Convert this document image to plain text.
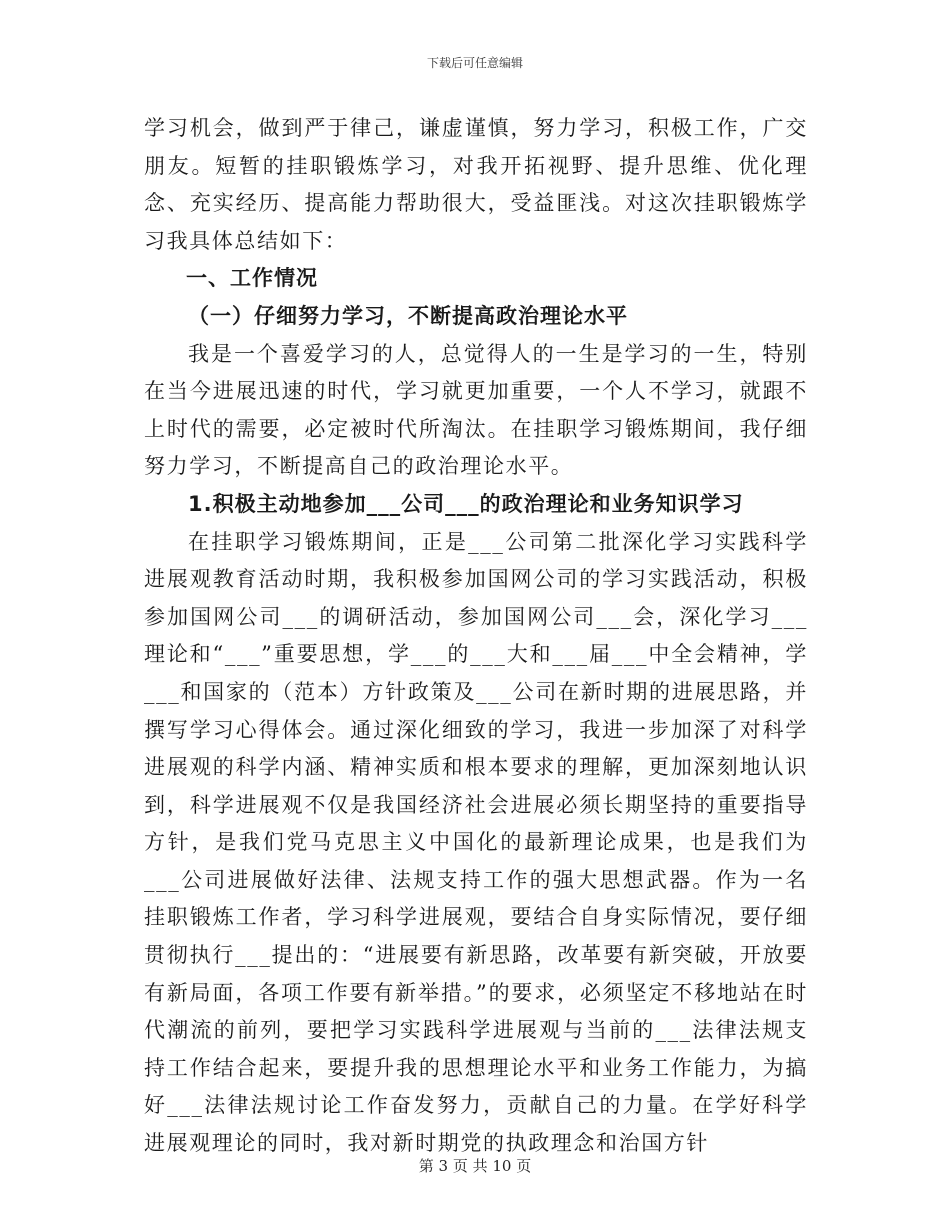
下载后可任意编辑

学习机会，做到严于律己，谦虚谨慎，努力学习，积极工作，广交朋友。短暂的挂职锻炼学习，对我开拓视野、提升思维、优化理念、充实经历、提高能力帮助很大，受益匪浅。对这次挂职锻炼学习我具体总结如下：

一、工作情况

（一）仔细努力学习，不断提高政治理论水平

我是一个喜爱学习的人，总觉得人的一生是学习的一生，特别在当今进展迅速的时代，学习就更加重要，一个人不学习，就跟不上时代的需要，必定被时代所淘汰。在挂职学习锻炼期间，我仔细努力学习，不断提高自己的政治理论水平。

1.积极主动地参加___公司___的政治理论和业务知识学习

在挂职学习锻炼期间，正是___公司第二批深化学习实践科学进展观教育活动时期，我积极参加国网公司的学习实践活动，积极参加国网公司___的调研活动，参加国网公司___会，深化学习___理论和“___”重要思想，学___的___大和___届___中全会精神，学___和国家的（范本）方针政策及___公司在新时期的进展思路，并撰写学习心得体会。通过深化细致的学习，我进一步加深了对科学进展观的科学内涵、精神实质和根本要求的理解，更加深刻地认识到，科学进展观不仅是我国经济社会进展必须长期坚持的重要指导方针，是我们党马克思主义中国化的最新理论成果，也是我们为___公司进展做好法律、法规支持工作的强大思想武器。作为一名挂职锻炼工作者，学习科学进展观，要结合自身实际情况，要仔细贯彻执行___提出的：“进展要有新思路，改革要有新突破，开放要有新局面，各项工作要有新举措。”的要求，必须坚定不移地站在时代潮流的前列，要把学习实践科学进展观与当前的___法律法规支持工作结合起来，要提升我的思想理论水平和业务工作能力，为搞好___法律法规讨论工作奋发努力，贡献自己的力量。在学好科学进展观理论的同时，我对新时期党的执政理念和治国方针

第 3 页 共 10 页
